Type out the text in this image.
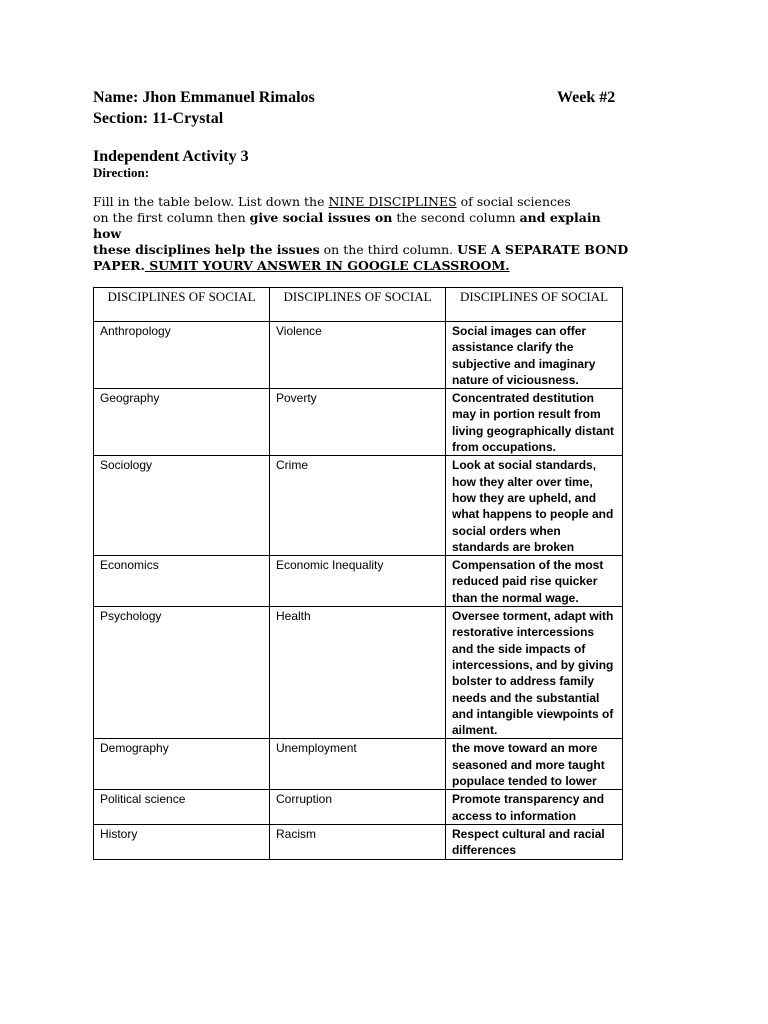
Name: Jhon Emmanuel Rimalos	Week #2
Section: 11-Crystal
Independent Activity 3
Direction:
Fill in the table below. List down the NINE DISCIPLINES of social sciences
on the first column then give social issues on the second column and explain
how
these disciplines help the issues on the third column. USE A SEPARATE BOND
PAPER. SUMIT YOURV ANSWER IN GOOGLE CLASSROOM.
DISCIPLINES OF SOCIAL	DISCIPLINES OF SOCIAL	DISCIPLINES OF SOCIAL
Anthropology	Violence	Social images can offer assistance clarify the subjective and imaginary nature of viciousness.
Geography	Poverty	Concentrated destitution may in portion result from living geographically distant from occupations.
Sociology	Crime	Look at social standards, how they alter over time, how they are upheld, and what happens to people and social orders when standards are broken
Economics	Economic Inequality	Compensation of the most reduced paid rise quicker than the normal wage.
Psychology	Health	Oversee torment, adapt with restorative intercessions and the side impacts of intercessions, and by giving bolster to address family needs and the substantial and intangible viewpoints of ailment.
Demography	Unemployment	the move toward an more seasoned and more taught populace tended to lower
Political science	Corruption	Promote transparency and access to information
History	Racism	Respect cultural and racial differences
